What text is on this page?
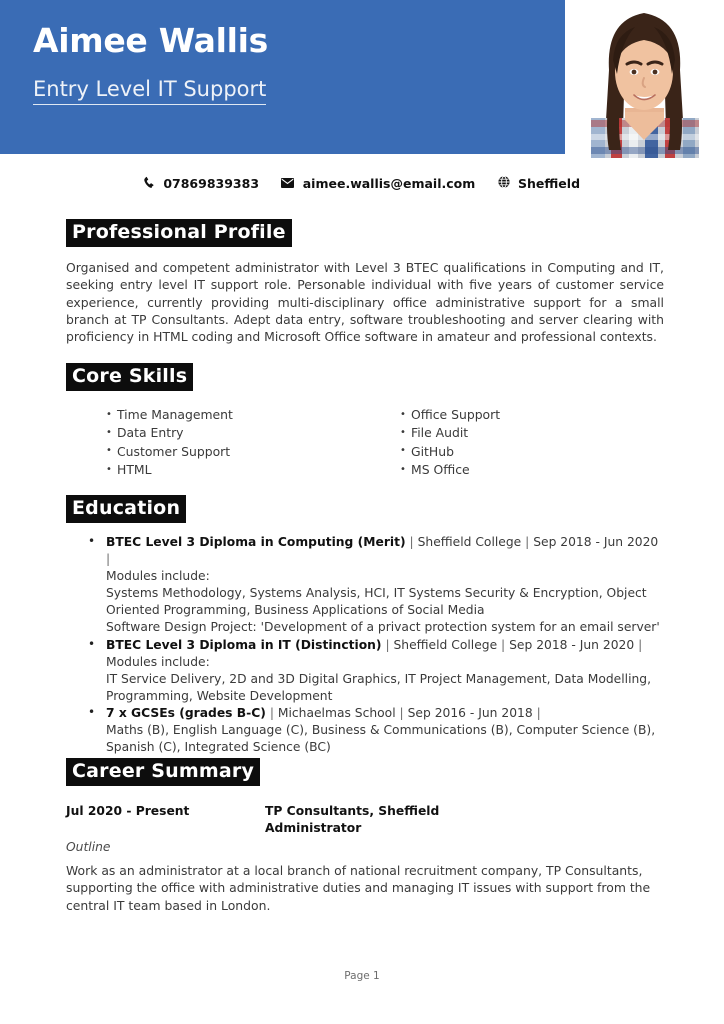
Aimee Wallis
Entry Level IT Support
07869839383	aimee.wallis@email.com	Sheffield
Professional Profile
Organised and competent administrator with Level 3 BTEC qualifications in Computing and IT, seeking entry level IT support role. Personable individual with five years of customer service experience, currently providing multi-disciplinary office administrative support for a small branch at TP Consultants. Adept data entry, software troubleshooting and server clearing with proficiency in HTML coding and Microsoft Office software in amateur and professional contexts.
Core Skills
• Time Management
• Data Entry
• Customer Support
• HTML
• Office Support
• File Audit
• GitHub
• MS Office
Education
• BTEC Level 3 Diploma in Computing (Merit) | Sheffield College | Sep 2018 - Jun 2020 |
Modules include:
Systems Methodology, Systems Analysis, HCI, IT Systems Security & Encryption, Object Oriented Programming, Business Applications of Social Media
Software Design Project: 'Development of a privact protection system for an email server'
• BTEC Level 3 Diploma in IT (Distinction) | Sheffield College | Sep 2018 - Jun 2020 |
Modules include:
IT Service Delivery, 2D and 3D Digital Graphics, IT Project Management, Data Modelling, Programming, Website Development
• 7 x GCSEs (grades B-C) | Michaelmas School | Sep 2016 - Jun 2018 |
Maths (B), English Language (C), Business & Communications (B), Computer Science (B), Spanish (C), Integrated Science (BC)
Career Summary
Jul 2020 - Present	TP Consultants, Sheffield
Administrator
Outline
Work as an administrator at a local branch of national recruitment company, TP Consultants, supporting the office with administrative duties and managing IT issues with support from the central IT team based in London.
Page 1
